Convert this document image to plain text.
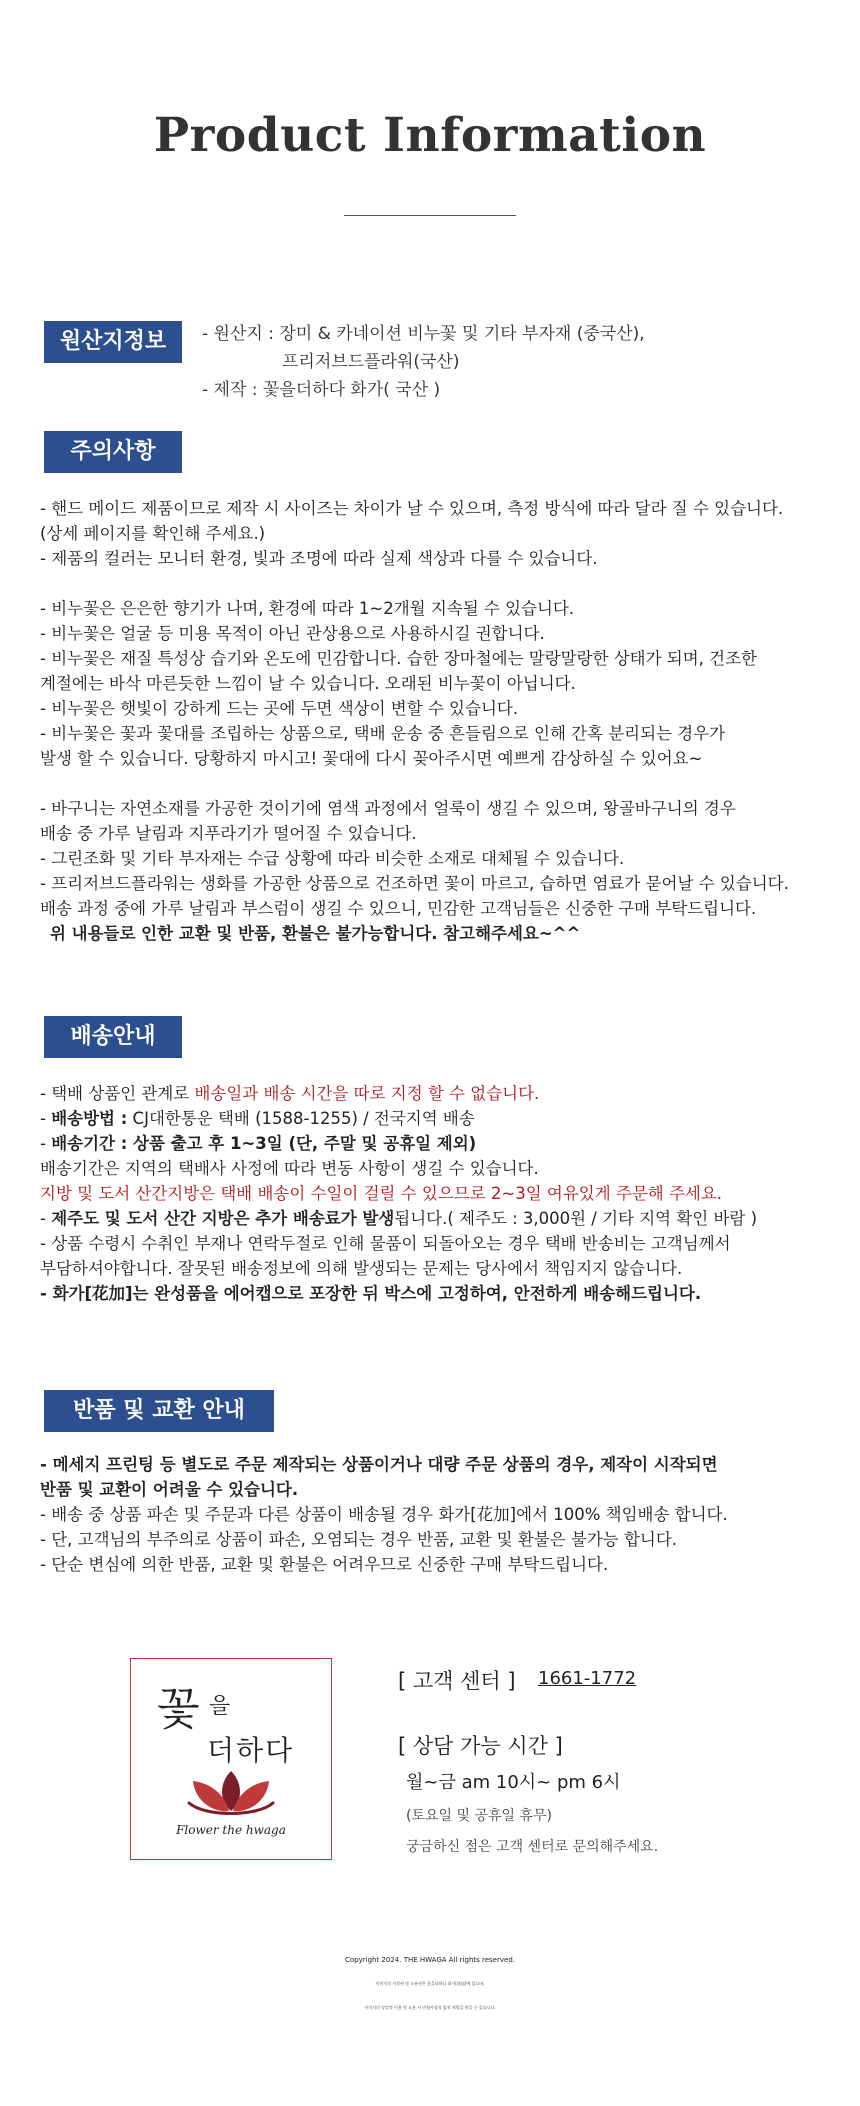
Product Information
원산지정보	- 원산지 : 장미 & 카네이션 비누꽃 및 기타 부자재 (중국산),
프리저브드플라워(국산)
- 제작 : 꽃을더하다 화가( 국산 )
주의사항
- 핸드 메이드 제품이므로 제작 시 사이즈는 차이가 날 수 있으며, 측정 방식에 따라 달라 질 수 있습니다.
(상세 페이지를 확인해 주세요.)
- 제품의 컬러는 모니터 환경, 빛과 조명에 따라 실제 색상과 다를 수 있습니다.
- 비누꽃은 은은한 향기가 나며, 환경에 따라 1~2개월 지속될 수 있습니다.
- 비누꽃은 얼굴 등 미용 목적이 아닌 관상용으로 사용하시길 권합니다.
- 비누꽃은 재질 특성상 습기와 온도에 민감합니다. 습한 장마철에는 말랑말랑한 상태가 되며, 건조한
계절에는 바삭 마른듯한 느낌이 날 수 있습니다. 오래된 비누꽃이 아닙니다.
- 비누꽃은 햇빛이 강하게 드는 곳에 두면 색상이 변할 수 있습니다.
- 비누꽃은 꽃과 꽃대를 조립하는 상품으로, 택배 운송 중 흔들림으로 인해 간혹 분리되는 경우가
발생 할 수 있습니다. 당황하지 마시고! 꽃대에 다시 꽂아주시면 예쁘게 감상하실 수 있어요~
- 바구니는 자연소재를 가공한 것이기에 염색 과정에서 얼룩이 생길 수 있으며, 왕골바구니의 경우
배송 중 가루 날림과 지푸라기가 떨어질 수 있습니다.
- 그린조화 및 기타 부자재는 수급 상황에 따라 비슷한 소재로 대체될 수 있습니다.
- 프리저브드플라워는 생화를 가공한 상품으로 건조하면 꽃이 마르고, 습하면 염료가 묻어날 수 있습니다.
배송 과정 중에 가루 날림과 부스럼이 생길 수 있으니, 민감한 고객님들은 신중한 구매 부탁드립니다.
위 내용들로 인한 교환 및 반품, 환불은 불가능합니다. 참고해주세요~^^
배송안내
- 택배 상품인 관계로 배송일과 배송 시간을 따로 지정 할 수 없습니다.
- 배송방법 : CJ대한통운 택배 (1588-1255) / 전국지역 배송
- 배송기간 : 상품 출고 후 1~3일 (단, 주말 및 공휴일 제외)
배송기간은 지역의 택배사 사정에 따라 변동 사항이 생길 수 있습니다.
지방 및 도서 산간지방은 택배 배송이 수일이 걸릴 수 있으므로 2~3일 여유있게 주문해 주세요.
- 제주도 및 도서 산간 지방은 추가 배송료가 발생됩니다.( 제주도 : 3,000원 / 기타 지역 확인 바람 )
- 상품 수령시 수취인 부재나 연락두절로 인해 물품이 되돌아오는 경우 택배 반송비는 고객님께서
부담하셔야합니다. 잘못된 배송정보에 의해 발생되는 문제는 당사에서 책임지지 않습니다.
- 화가[花加]는 완성품을 에어캡으로 포장한 뒤 박스에 고정하여, 안전하게 배송해드립니다.
반품 및 교환 안내
- 메세지 프린팅 등 별도로 주문 제작되는 상품이거나 대량 주문 상품의 경우, 제작이 시작되면
반품 및 교환이 어려울 수 있습니다.
- 배송 중 상품 파손 및 주문과 다른 상품이 배송될 경우 화가[花加]에서 100% 책임배송 합니다.
- 단, 고객님의 부주의로 상품이 파손, 오염되는 경우 반품, 교환 및 환불은 불가능 합니다.
- 단순 변심에 의한 반품, 교환 및 환불은 어려우므로 신중한 구매 부탁드립니다.
꽃 을
더하다
Flower the hwaga
[ 고객 센터 ] 1661-1772
[ 상담 가능 시간 ]
월~금 am 10시~ pm 6시
(토요일 및 공휴일 휴무)
궁금하신 점은 고객 센터로 문의해주세요.
Copyright 2024. THE HWAGA All rights reserved.
이미지의 저작권 및 소유권은 꽃을더하다 화가[花加]에 있으며,
이미지의 상업적 이용 및 도용 시 민형사상의 법적 처벌을 받을 수 있습니다.
